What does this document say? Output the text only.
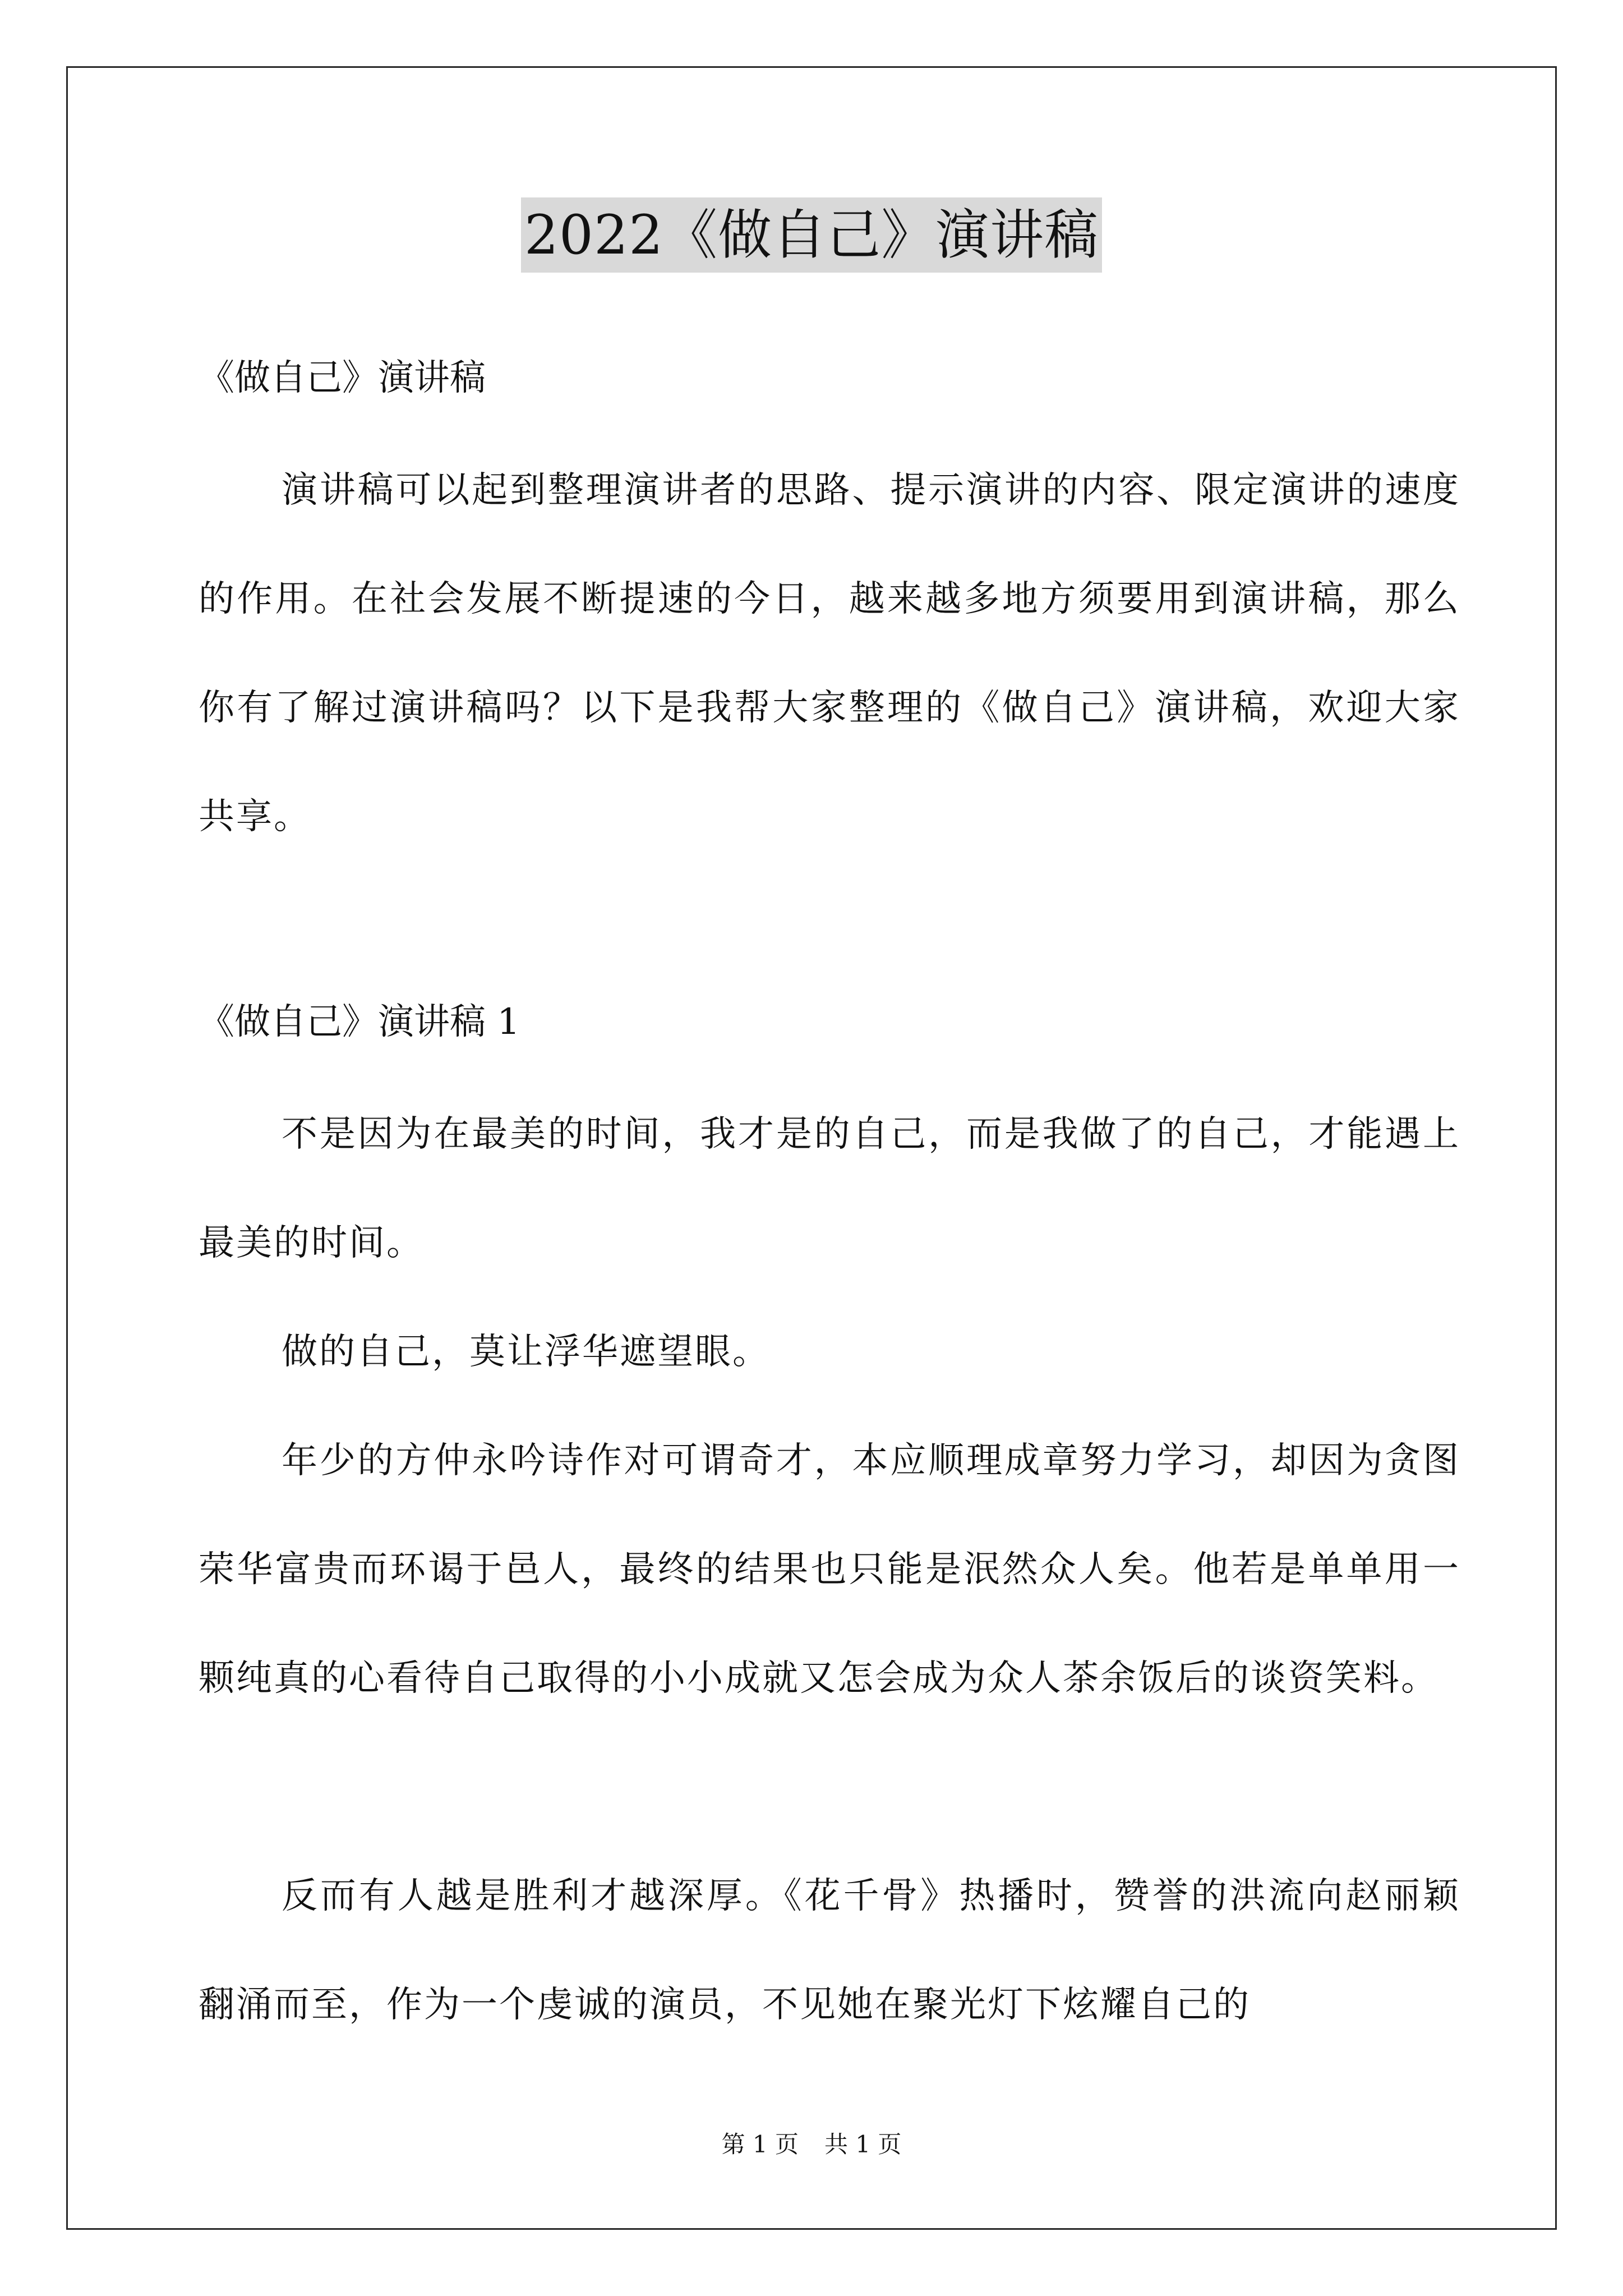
2022《做自己》演讲稿
《做自己》演讲稿
演讲稿可以起到整理演讲者的思路、提示演讲的内容、限定演讲的速度的作用。在社会发展不断提速的今日，越来越多地方须要用到演讲稿，那么你有了解过演讲稿吗？以下是我帮大家整理的《做自己》演讲稿，欢迎大家共享。
《做自己》演讲稿 1
不是因为在最美的时间，我才是的自己，而是我做了的自己，才能遇上最美的时间。
做的自己，莫让浮华遮望眼。
年少的方仲永吟诗作对可谓奇才，本应顺理成章努力学习，却因为贪图荣华富贵而环谒于邑人，最终的结果也只能是泯然众人矣。他若是单单用一颗纯真的心看待自己取得的小小成就又怎会成为众人茶余饭后的谈资笑料。
反而有人越是胜利才越深厚。《花千骨》热播时，赞誉的洪流向赵丽颖翻涌而至，作为一个虔诚的演员，不见她在聚光灯下炫耀自己的
第 1 页 共 1 页
